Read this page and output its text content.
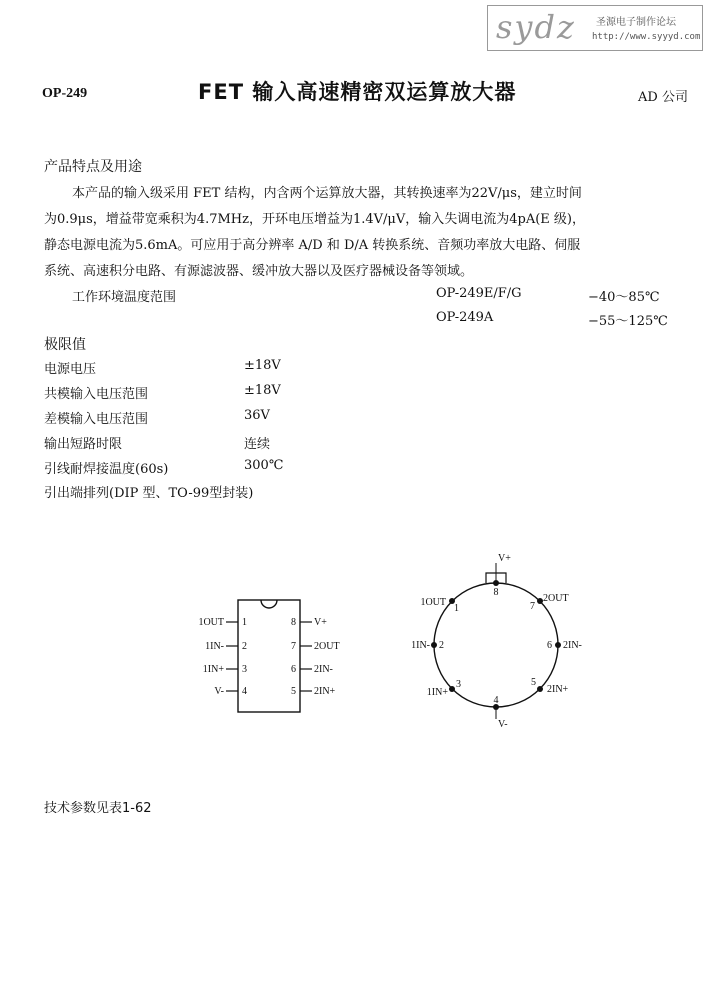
sydz 圣源电子制作论坛
http://www.syyyd.com
OP-249	FET 输入高速精密双运算放大器	AD 公司
产品特点及用途
本产品的输入级采用 FET 结构，内含两个运算放大器，其转换速率为22V/μs，建立时间
为0.9μs，增益带宽乘积为4.7MHz，开环电压增益为1.4V/μV，输入失调电流为4pA(E 级)，
静态电源电流为5.6mA。可应用于高分辨率 A/D 和 D/A 转换系统、音频功率放大电路、伺服
系统、高速积分电路、有源滤波器、缓冲放大器以及医疗器械设备等领域。
工作环境温度范围	OP-249E/F/G	−40～85℃
OP-249A	−55～125℃
极限值
电源电压	±18V
共模输入电压范围	±18V
差模输入电压范围	36V
输出短路时限	连续
引线耐焊接温度(60s)	300℃
引出端排列(DIP 型、TO-99型封装)
1OUT 1
1IN- 2
1IN+ 3
V- 4
8 V+
7 2OUT
6 2IN-
5 2IN+
V+
8
2OUT
7
2IN-
6
2IN+
5
V-
4
1IN+
3
1IN- 2
1OUT
1
技术参数见表1-62
